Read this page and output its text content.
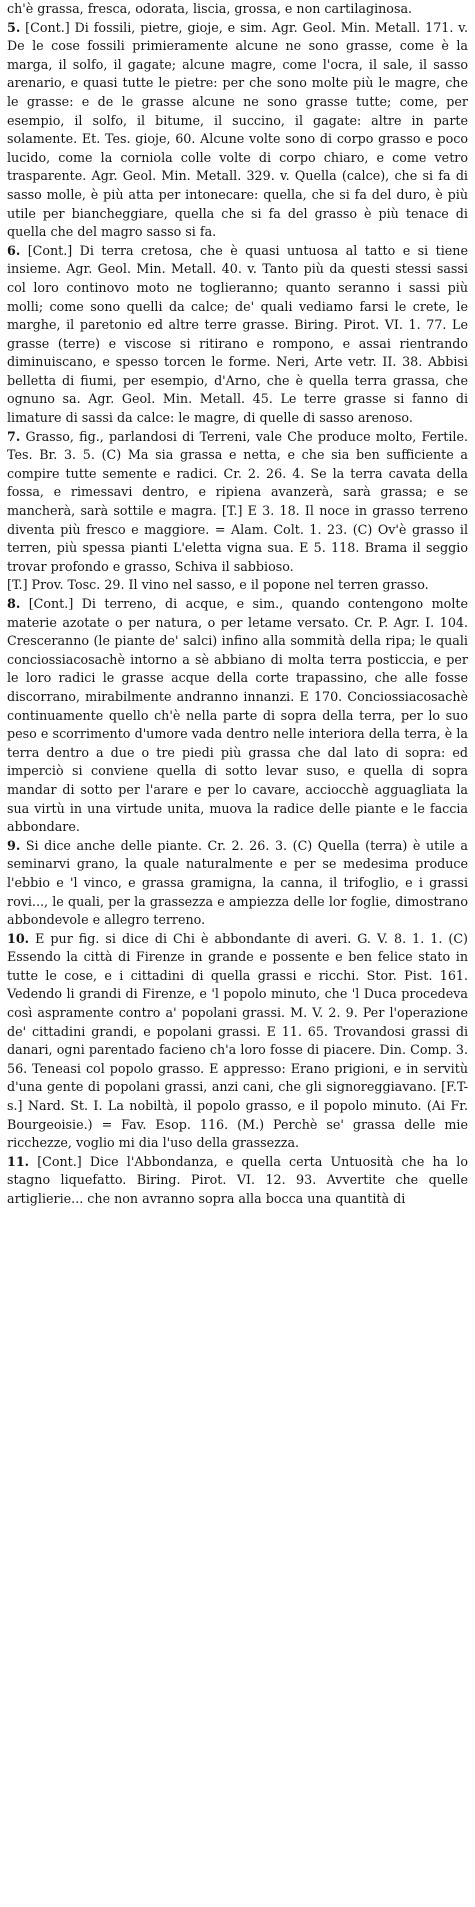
ch'è grassa, fresca, odorata, liscia, grossa, e non cartilaginosa.

5. [Cont.] Di fossili, pietre, gioje, e sim. Agr. Geol. Min. Metall. 171. v. De le cose fossili primieramente alcune ne sono grasse, come è la marga, il solfo, il gagate; alcune magre, come l'ocra, il sale, il sasso arenario, e quasi tutte le pietre: per che sono molte più le magre, che le grasse: e de le grasse alcune ne sono grasse tutte; come, per esempio, il solfo, il bitume, il succino, il gagate: altre in parte solamente. Et. Tes. gioje, 60. Alcune volte sono di corpo grasso e poco lucido, come la corniola colle volte di corpo chiaro, e come vetro trasparente. Agr. Geol. Min. Metall. 329. v. Quella (calce), che si fa di sasso molle, è più atta per intonecare: quella, che si fa del duro, è più utile per biancheggiare, quella che si fa del grasso è più tenace di quella che del magro sasso si fa.

6. [Cont.] Di terra cretosa, che è quasi untuosa al tatto e si tiene insieme. Agr. Geol. Min. Metall. 40. v. Tanto più da questi stessi sassi col loro continovo moto ne toglieranno; quanto seranno i sassi più molli; come sono quelli da calce; de' quali vediamo farsi le crete, le marghe, il paretonio ed altre terre grasse. Biring. Pirot. VI. 1. 77. Le grasse (terre) e viscose si ritirano e rompono, e assai rientrando diminuiscano, e spesso torcen le forme. Neri, Arte vetr. II. 38. Abbisi belletta di fiumi, per esempio, d'Arno, che è quella terra grassa, che ognuno sa. Agr. Geol. Min. Metall. 45. Le terre grasse si fanno di limature di sassi da calce: le magre, di quelle di sasso arenoso.

7. Grasso, fig., parlandosi di Terreni, vale Che produce molto, Fertile. Tes. Br. 3. 5. (C) Ma sia grassa e netta, e che sia ben sufficiente a compire tutte semente e radici. Cr. 2. 26. 4. Se la terra cavata della fossa, e rimessavi dentro, e ripiena avanzerà, sarà grassa; e se mancherà, sarà sottile e magra. [T.] E 3. 18. Il noce in grasso terreno diventa più fresco e maggiore. = Alam. Colt. 1. 23. (C) Ov'è grasso il terren, più spessa pianti L'eletta vigna sua. E 5. 118. Brama il seggio trovar profondo e grasso, Schiva il sabbioso.

[T.] Prov. Tosc. 29. Il vino nel sasso, e il popone nel terren grasso.

8. [Cont.] Di terreno, di acque, e sim., quando contengono molte materie azotate o per natura, o per letame versato. Cr. P. Agr. I. 104. Cresceranno (le piante de' salci) infino alla sommità della ripa; le quali conciossiacosachè intorno a sè abbiano di molta terra posticcia, e per le loro radici le grasse acque della corte trapassino, che alle fosse discorrano, mirabilmente andranno innanzi. E 170. Conciossiacosachè continuamente quello ch'è nella parte di sopra della terra, per lo suo peso e scorrimento d'umore vada dentro nelle interiora della terra, è la terra dentro a due o tre piedi più grassa che dal lato di sopra: ed imperciò si conviene quella di sotto levar suso, e quella di sopra mandar di sotto per l'arare e per lo cavare, acciocchè agguagliata la sua virtù in una virtude unita, muova la radice delle piante e le faccia abbondare.

9. Si dice anche delle piante. Cr. 2. 26. 3. (C) Quella (terra) è utile a seminarvi grano, la quale naturalmente e per se medesima produce l'ebbio e 'l vinco, e grassa gramigna, la canna, il trifoglio, e i grassi rovi..., le quali, per la grassezza e ampiezza delle lor foglie, dimostrano abbondevole e allegro terreno.

10. E pur fig. si dice di Chi è abbondante di averi. G. V. 8. 1. 1. (C) Essendo la città di Firenze in grande e possente e ben felice stato in tutte le cose, e i cittadini di quella grassi e ricchi. Stor. Pist. 161. Vedendo li grandi di Firenze, e 'l popolo minuto, che 'l Duca procedeva così aspramente contro a' popolani grassi. M. V. 2. 9. Per l'operazione de' cittadini grandi, e popolani grassi. E 11. 65. Trovandosi grassi di danari, ogni parentado facieno ch'a loro fosse di piacere. Din. Comp. 3. 56. Teneasi col popolo grasso. E appresso: Erano prigioni, e in servitù d'una gente di popolani grassi, anzi cani, che gli signoreggiavano. [F.T-s.] Nard. St. I. La nobiltà, il popolo grasso, e il popolo minuto. (Ai Fr. Bourgeoisie.) = Fav. Esop. 116. (M.) Perchè se' grassa delle mie ricchezze, voglio mi dia l'uso della grassezza.

11. [Cont.] Dice l'Abbondanza, e quella certa Untuosità che ha lo stagno liquefatto. Biring. Pirot. VI. 12. 93. Avvertite che quelle artiglierie... che non avranno sopra alla bocca una quantità di
